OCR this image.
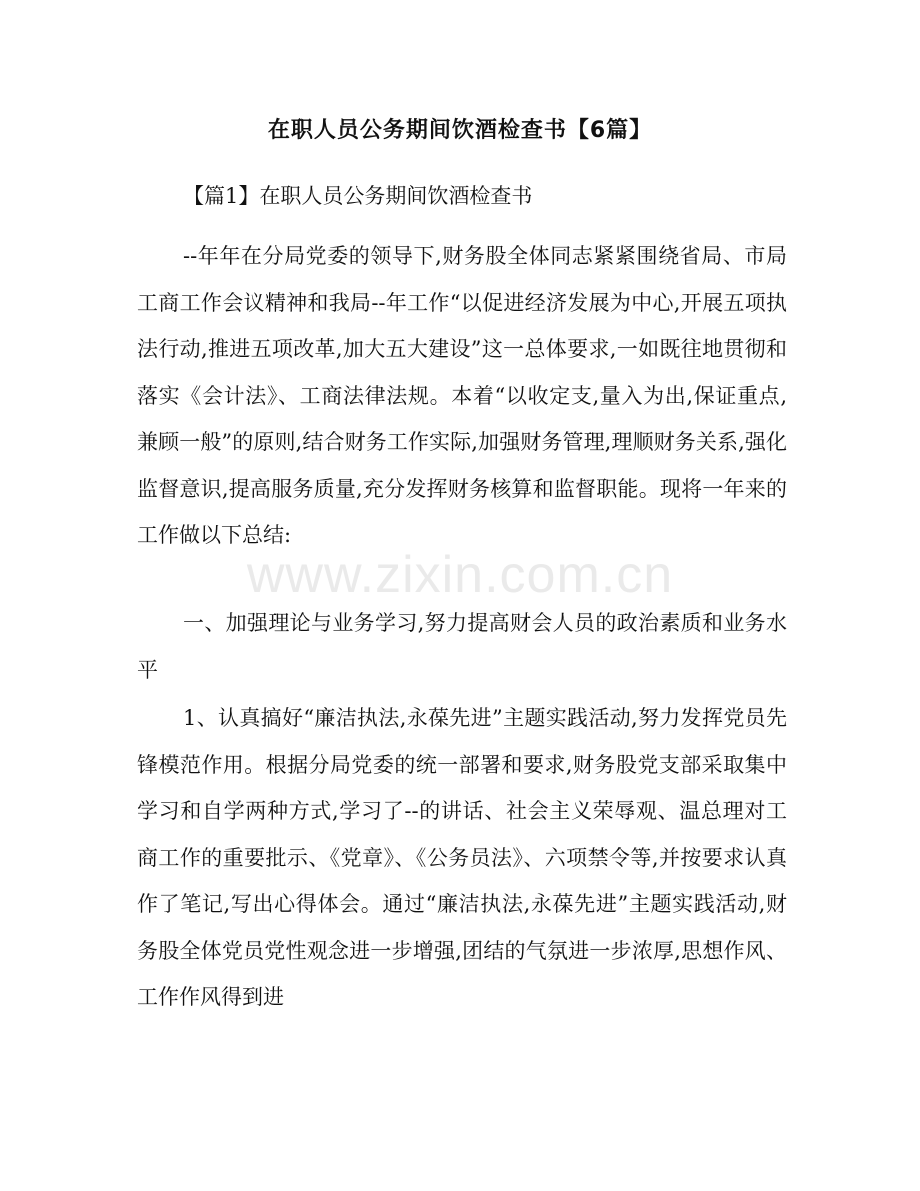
在职人员公务期间饮酒检查书【6篇】
【篇1】在职人员公务期间饮酒检查书

--年年在分局党委的领导下,财务股全体同志紧紧围绕省局、市局工商工作会议精神和我局--年工作“以促进经济发展为中心,开展五项执法行动,推进五项改革,加大五大建设”这一总体要求,一如既往地贯彻和落实《会计法》、工商法律法规。本着“以收定支,量入为出,保证重点,兼顾一般”的原则,结合财务工作实际,加强财务管理,理顺财务关系,强化监督意识,提高服务质量,充分发挥财务核算和监督职能。现将一年来的工作做以下总结:

一、加强理论与业务学习,努力提高财会人员的政治素质和业务水平

1、认真搞好“廉洁执法,永葆先进”主题实践活动,努力发挥党员先锋模范作用。根据分局党委的统一部署和要求,财务股党支部采取集中学习和自学两种方式,学习了--的讲话、社会主义荣辱观、温总理对工商工作的重要批示、《党章》、《公务员法》、六项禁令等,并按要求认真作了笔记,写出心得体会。通过“廉洁执法,永葆先进”主题实践活动,财务股全体党员党性观念进一步增强,团结的气氛进一步浓厚,思想作风、工作作风得到进

www.zixin.com.cn
